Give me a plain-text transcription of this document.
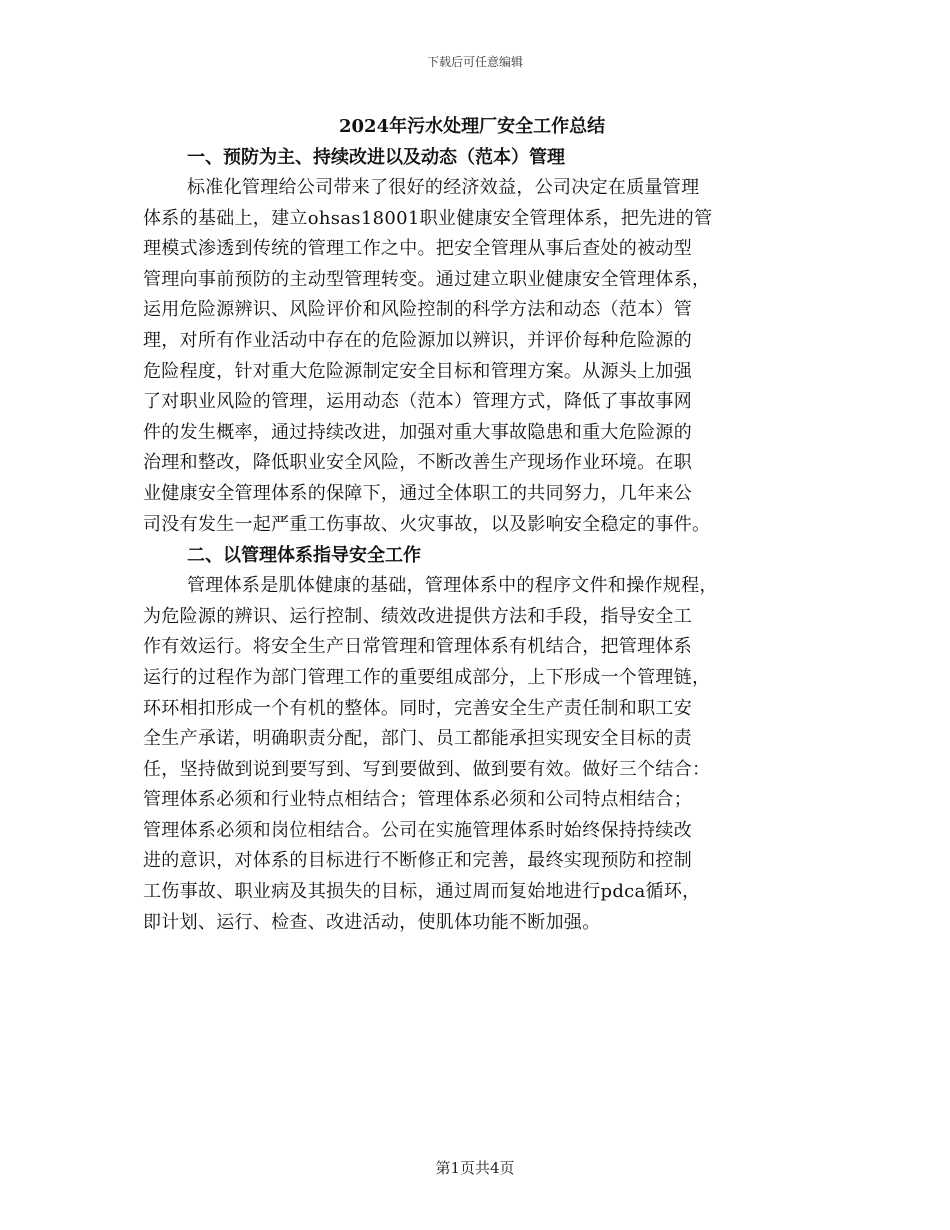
下载后可任意编辑
2024年污水处理厂安全工作总结
一、预防为主、持续改进以及动态（范本）管理

标准化管理给公司带来了很好的经济效益，公司决定在质量管理

体系的基础上，建立ohsas18001职业健康安全管理体系，把先进的管

理模式渗透到传统的管理工作之中。把安全管理从事后查处的被动型

管理向事前预防的主动型管理转变。通过建立职业健康安全管理体系，

运用危险源辨识、风险评价和风险控制的科学方法和动态（范本）管

理，对所有作业活动中存在的危险源加以辨识，并评价每种危险源的

危险程度，针对重大危险源制定安全目标和管理方案。从源头上加强

了对职业风险的管理，运用动态（范本）管理方式，降低了事故事网

件的发生概率，通过持续改进，加强对重大事故隐患和重大危险源的

治理和整改，降低职业安全风险，不断改善生产现场作业环境。在职

业健康安全管理体系的保障下，通过全体职工的共同努力，几年来公

司没有发生一起严重工伤事故、火灾事故，以及影响安全稳定的事件。

二、以管理体系指导安全工作

管理体系是肌体健康的基础，管理体系中的程序文件和操作规程，

为危险源的辨识、运行控制、绩效改进提供方法和手段，指导安全工

作有效运行。将安全生产日常管理和管理体系有机结合，把管理体系

运行的过程作为部门管理工作的重要组成部分，上下形成一个管理链，

环环相扣形成一个有机的整体。同时，完善安全生产责任制和职工安

全生产承诺，明确职责分配，部门、员工都能承担实现安全目标的责

任，坚持做到说到要写到、写到要做到、做到要有效。做好三个结合：

管理体系必须和行业特点相结合；管理体系必须和公司特点相结合；

管理体系必须和岗位相结合。公司在实施管理体系时始终保持持续改

进的意识，对体系的目标进行不断修正和完善，最终实现预防和控制

工伤事故、职业病及其损失的目标，通过周而复始地进行pdca循环，

即计划、运行、检查、改进活动，使肌体功能不断加强。

第1页共4页
